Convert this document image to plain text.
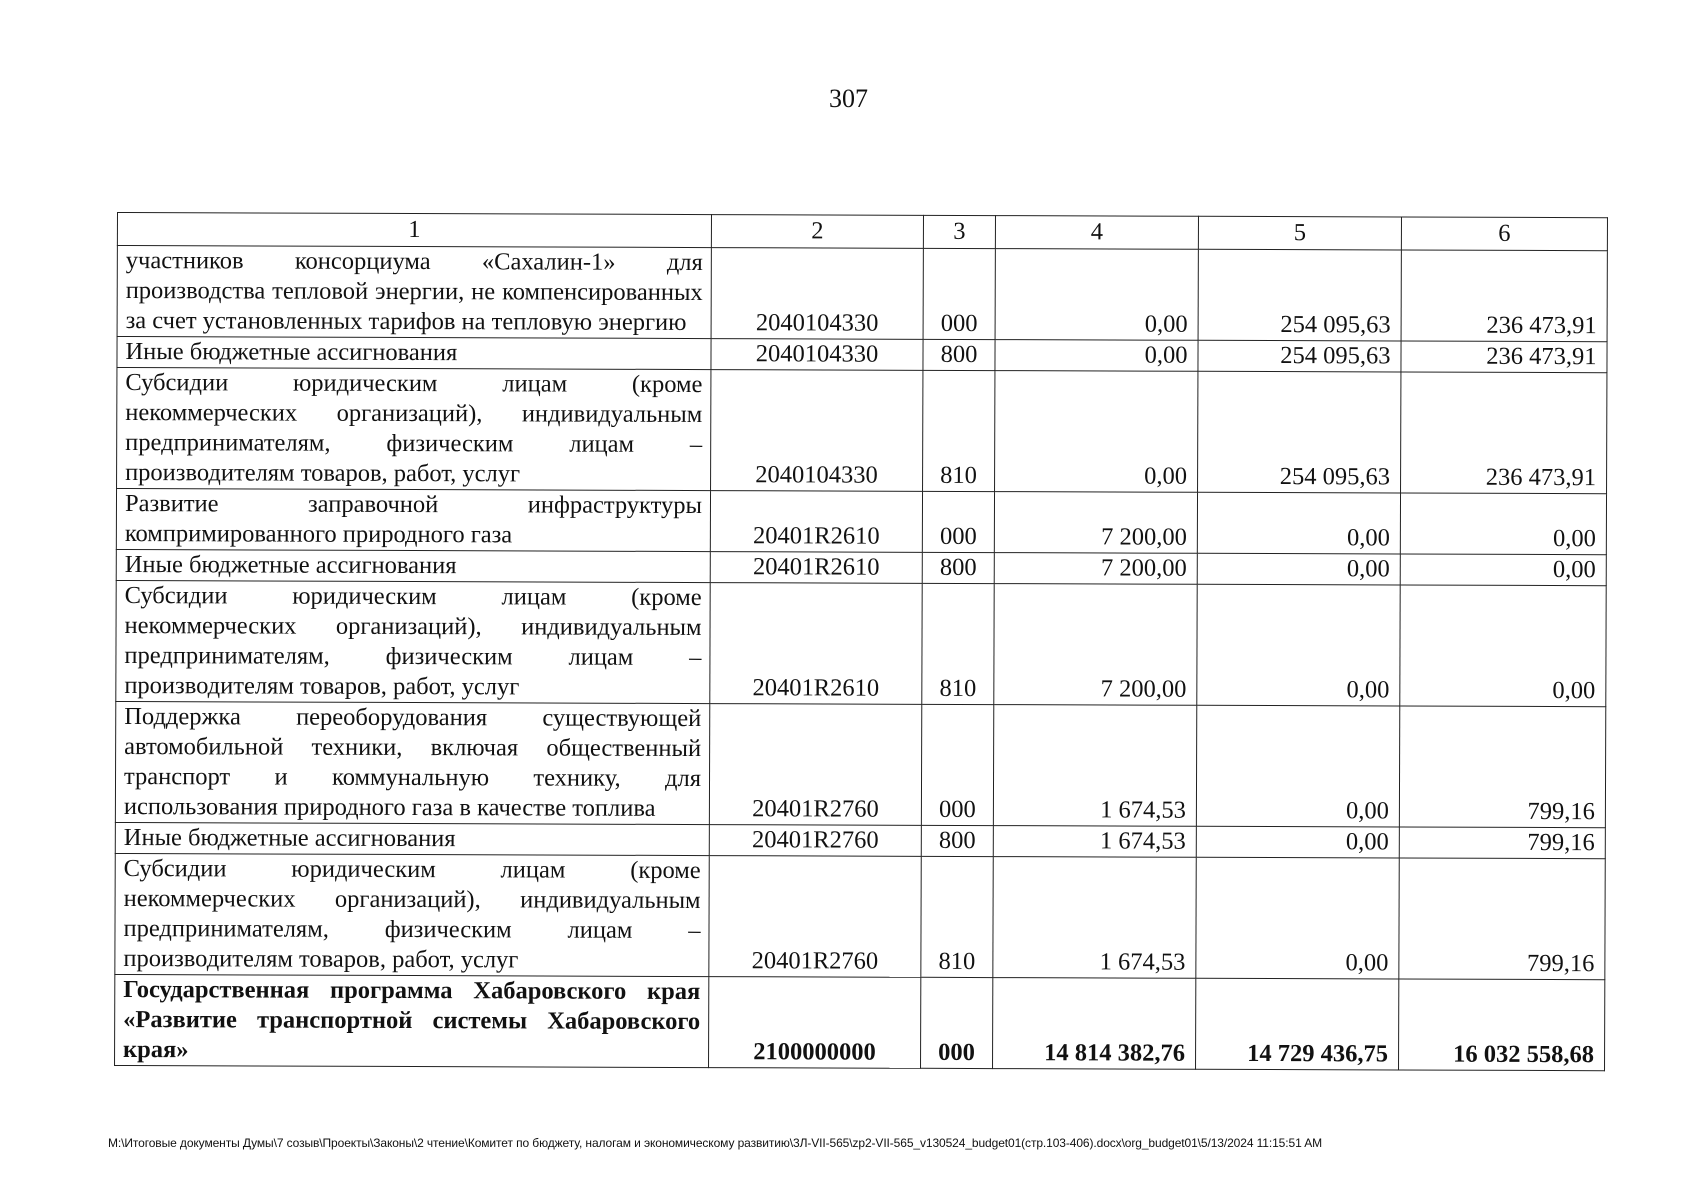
307
1	2	3	4	5	6
участников консорциума «Сахалин-1» для производства тепловой энергии, не компенсированных за счет установленных тарифов на тепловую энергию	2040104330	000	0,00	254 095,63	236 473,91
Иные бюджетные ассигнования	2040104330	800	0,00	254 095,63	236 473,91
Субсидии юридическим лицам (кроме некоммерческих организаций), индивидуальным предпринимателям, физическим лицам – производителям товаров, работ, услуг	2040104330	810	0,00	254 095,63	236 473,91
Развитие заправочной инфраструктуры компримированного природного газа	20401R2610	000	7 200,00	0,00	0,00
Иные бюджетные ассигнования	20401R2610	800	7 200,00	0,00	0,00
Субсидии юридическим лицам (кроме некоммерческих организаций), индивидуальным предпринимателям, физическим лицам – производителям товаров, работ, услуг	20401R2610	810	7 200,00	0,00	0,00
Поддержка переоборудования существующей автомобильной техники, включая общественный транспорт и коммунальную технику, для использования природного газа в качестве топлива	20401R2760	000	1 674,53	0,00	799,16
Иные бюджетные ассигнования	20401R2760	800	1 674,53	0,00	799,16
Субсидии юридическим лицам (кроме некоммерческих организаций), индивидуальным предпринимателям, физическим лицам – производителям товаров, работ, услуг	20401R2760	810	1 674,53	0,00	799,16
Государственная программа Хабаровского края «Развитие транспортной системы Хабаровского края»	2100000000	000	14 814 382,76	14 729 436,75	16 032 558,68
M:\Итоговые документы Думы\7 созыв\Проекты\Законы\2 чтение\Комитет по бюджету, налогам и экономическому развитию\3Л-VII-565\zp2-VII-565_v130524_budget01(стр.103-406).docx\org_budget01\5/13/2024 11:15:51 AM
